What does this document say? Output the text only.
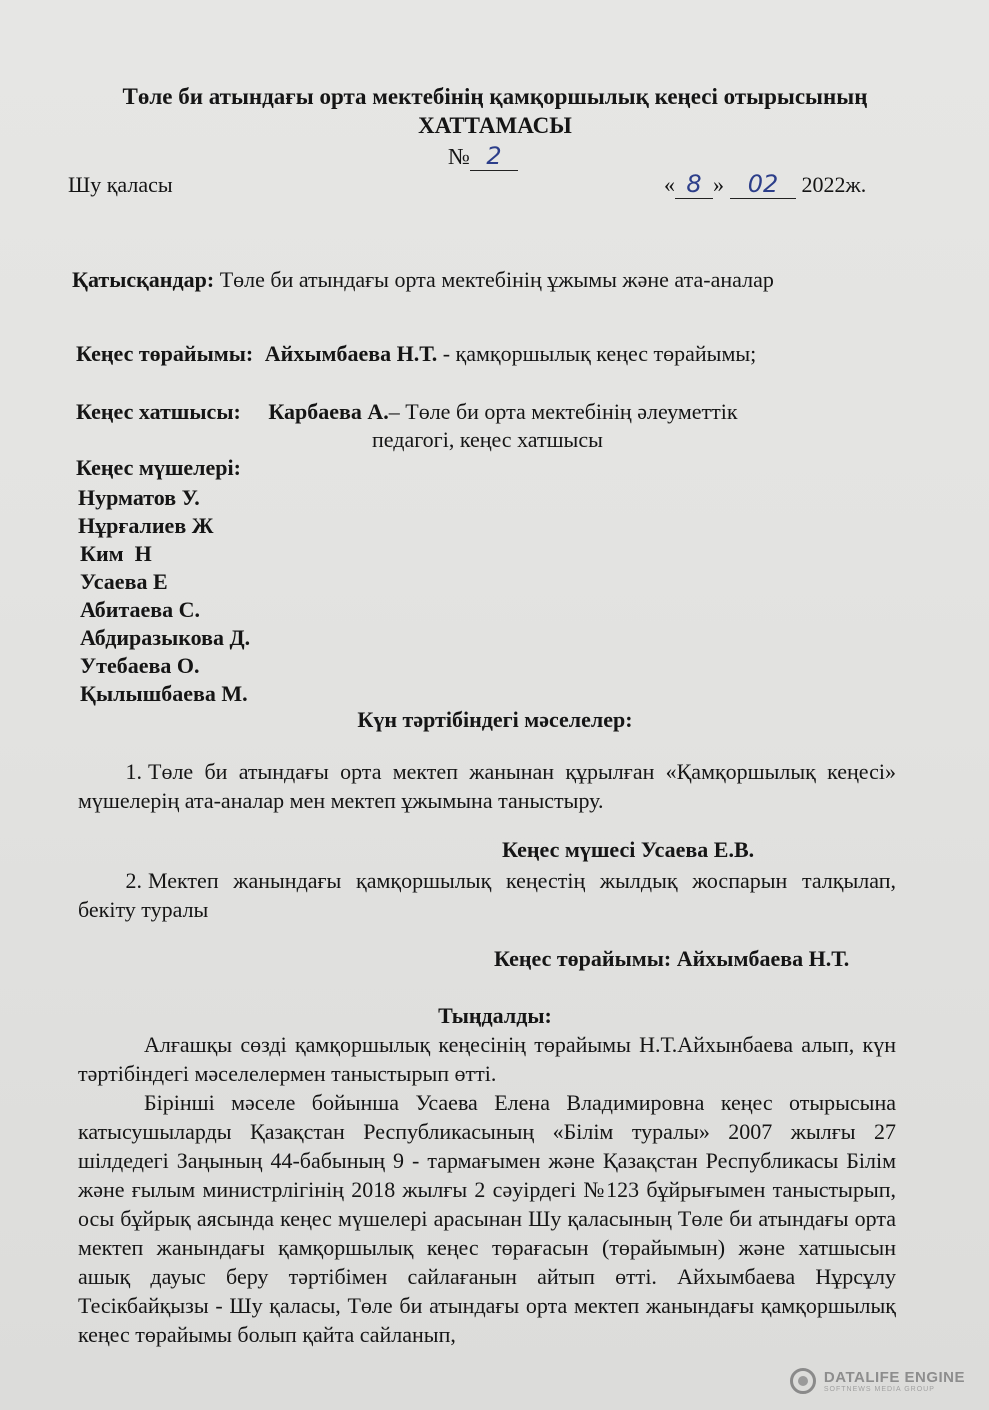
Төле би атындағы орта мектебінің қамқоршылық кеңесі отырысының
ХАТТАМАСЫ
№ 2
Шу қаласы	« 8 » 02 2022ж.
Қатысқандар: Төле би атындағы орта мектебінің ұжымы және ата-аналар
Кеңес төрайымы: Айхымбаева Н.Т. - қамқоршылық кеңес төрайымы;
Кеңес хатшысы: Карбаева А.– Төле би орта мектебінің әлеуметтік
педагогі, кеңес хатшысы
Кеңес мүшелері:
Нурматов У.
Нұрғалиев Ж
Ким  Н
Усаева Е
Абитаева С.
Абдиразыкова Д.
Утебаева О.
Қылышбаева М.
Күн тәртібіндегі мәселелер:
1. Төле би атындағы орта мектеп жанынан құрылған «Қамқоршылық кеңесі» мүшелерің ата-аналар мен мектеп ұжымына таныстыру.
Кеңес мүшесі Усаева Е.В.
2. Мектеп жанындағы қамқоршылық кеңестің жылдық жоспарын талқылап, бекіту туралы
Кеңес төрайымы: Айхымбаева Н.Т.
Тыңдалды:
Алғашқы сөзді қамқоршылық кеңесінің төрайымы Н.Т.Айхынбаева алып, күн тәртібіндегі мәселелермен таныстырып өтті.
Бірінші мәселе бойынша Усаева Елена Владимировна кеңес отырысына катысушыларды Қазақстан Республикасының «Білім туралы» 2007 жылғы 27 шілдедегі Заңының 44-бабының 9 - тармағымен және Қазақстан Республикасы Білім және ғылым министрлігінің 2018 жылғы 2 сәуірдегі №123 бұйрығымен таныстырып, осы бұйрық аясында кеңес мүшелері арасынан Шу қаласының Төле би атындағы орта мектеп жанындағы қамқоршылық кеңес төрағасын (төрайымын) және хатшысын ашық дауыс беру тәртібімен сайлағанын айтып өтті. Айхымбаева Нұрсұлу Тесікбайқызы - Шу қаласы, Төле би атындағы орта мектеп жанындағы қамқоршылық кеңес төрайымы болып қайта сайланып,
DATALIFE ENGINE
SOFTNEWS MEDIA GROUP
